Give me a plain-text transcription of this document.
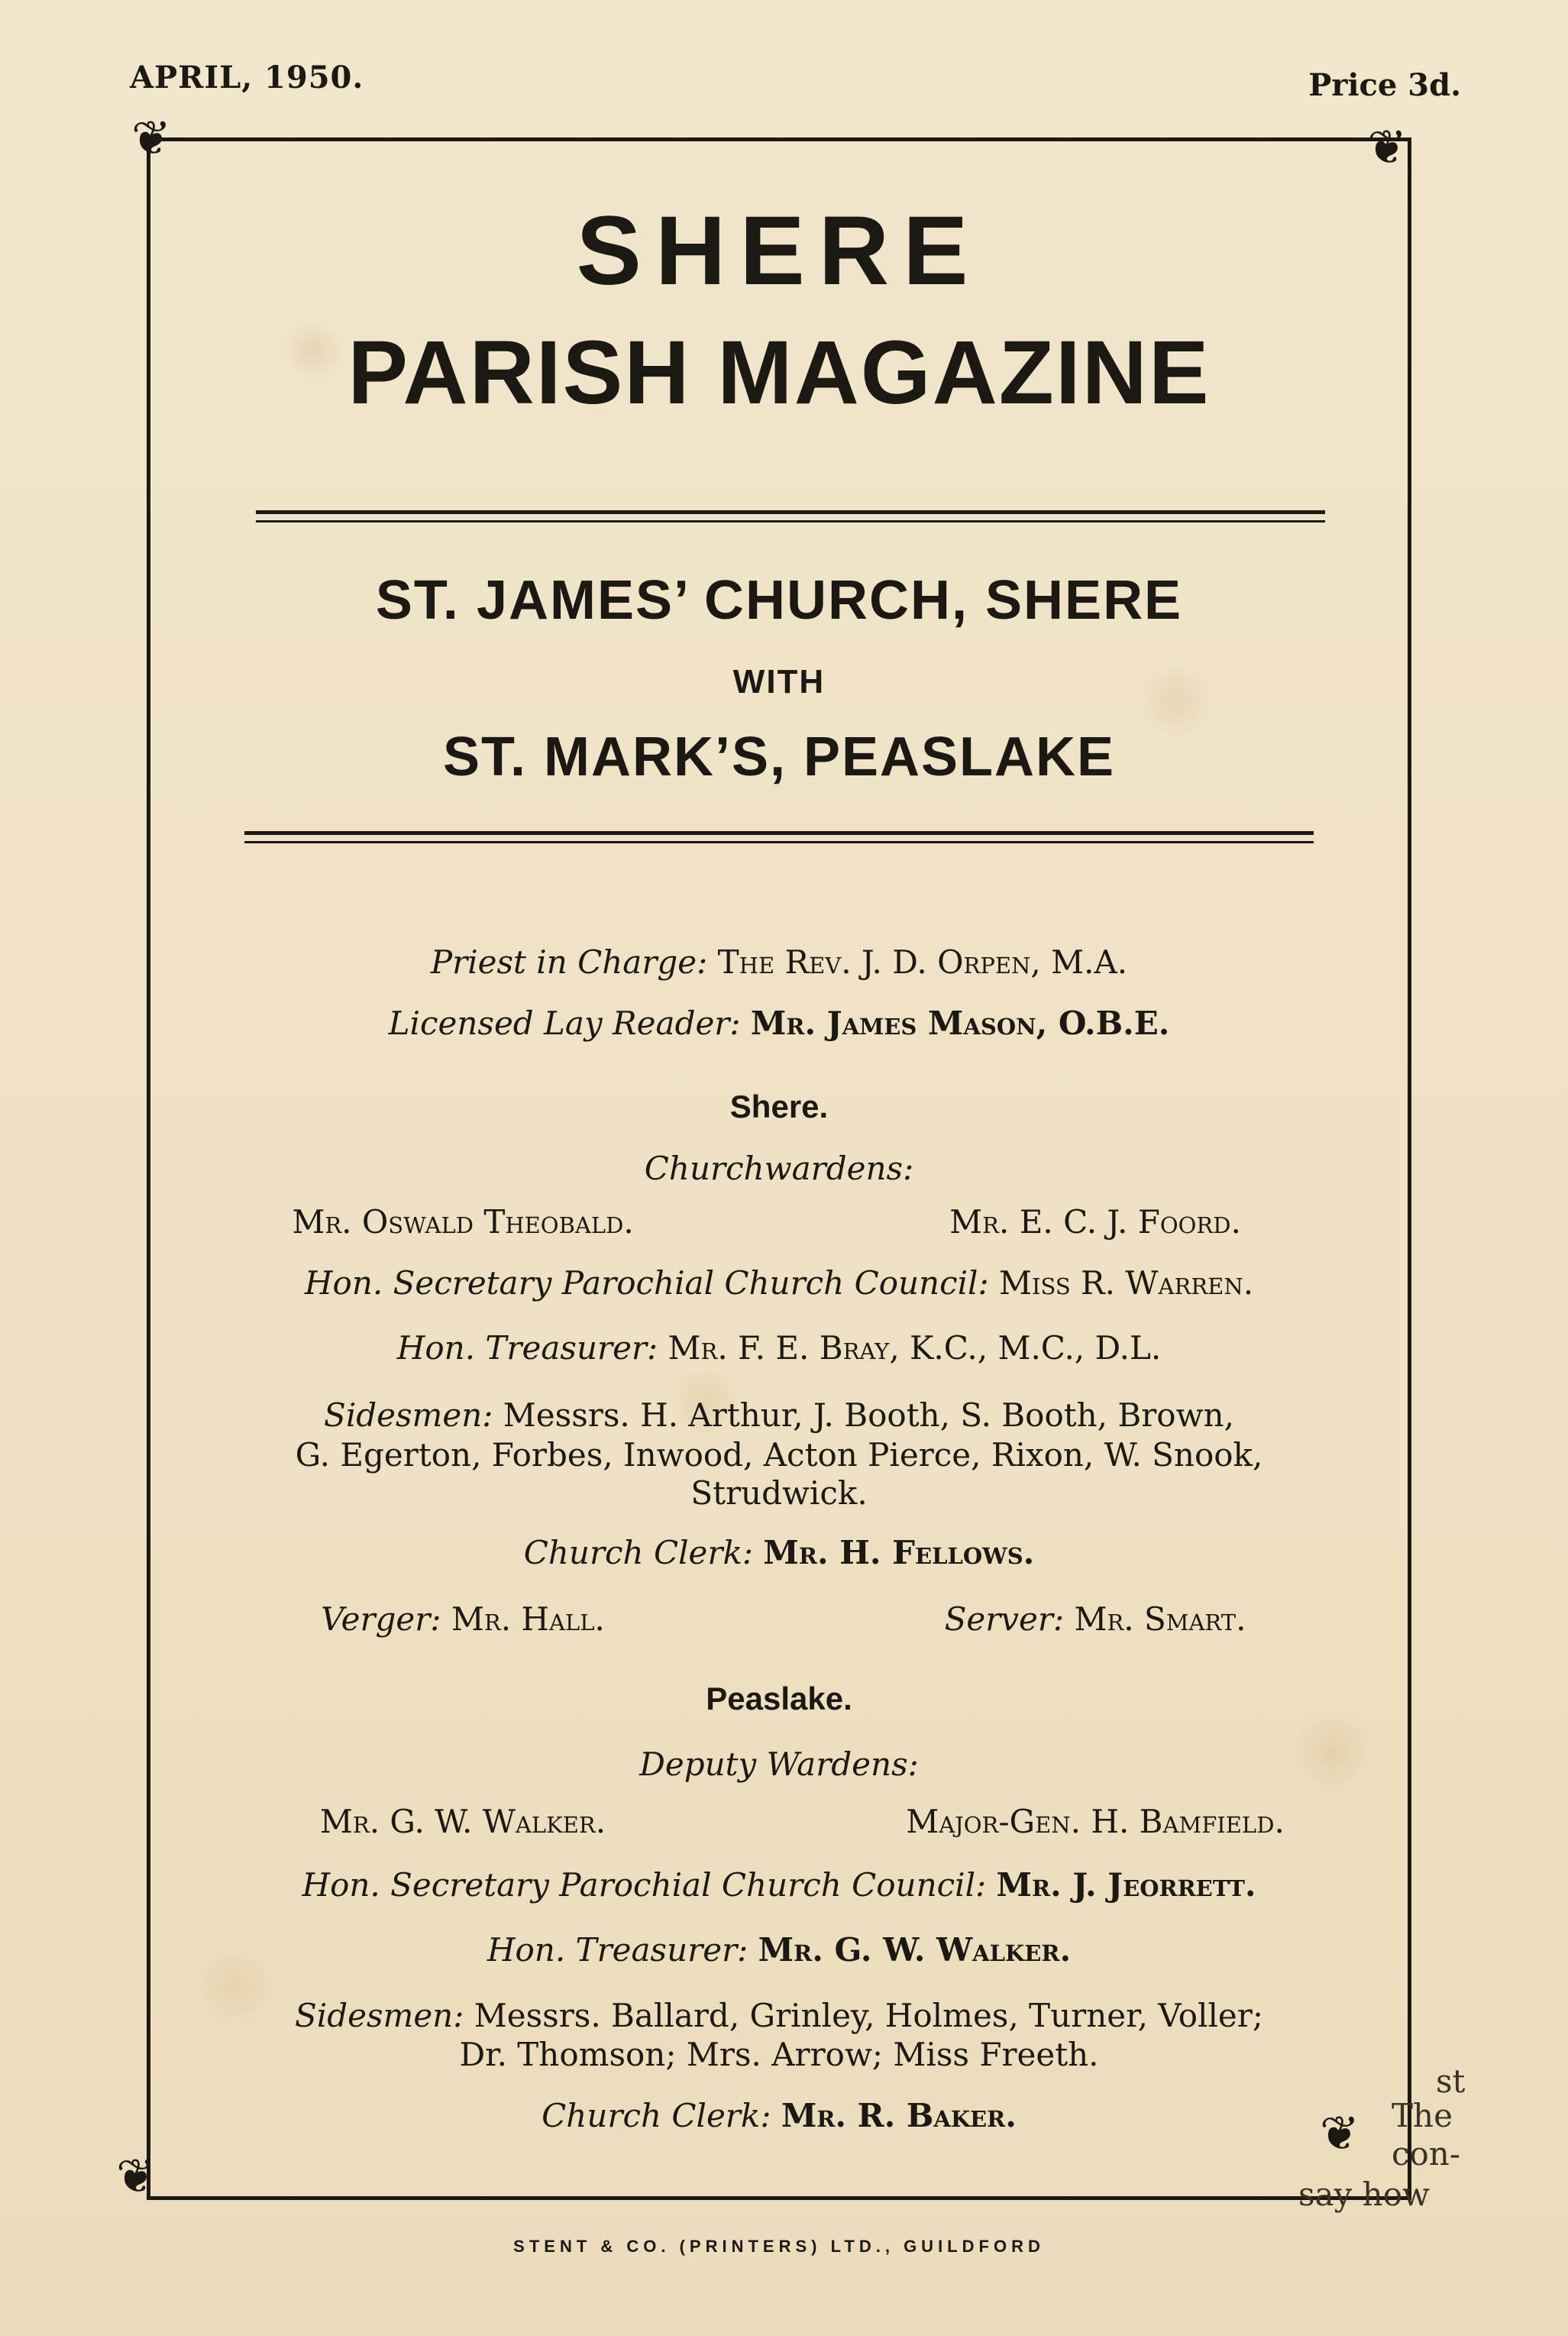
APRIL, 1950.	Price 3d.
❦	❦
❦
❦
SHERE
PARISH MAGAZINE
ST. JAMES’ CHURCH, SHERE
WITH
ST. MARK’S, PEASLAKE
Priest in Charge: The Rev. J. D. Orpen, M.A.
Licensed Lay Reader: Mr. James Mason, O.B.E.
Shere.
Churchwardens:
Mr. Oswald Theobald.	Mr. E. C. J. Foord.
Hon. Secretary Parochial Church Council: Miss R. Warren.
Hon. Treasurer: Mr. F. E. Bray, K.C., M.C., D.L.
Sidesmen: Messrs. H. Arthur, J. Booth, S. Booth, Brown,
G. Egerton, Forbes, Inwood, Acton Pierce, Rixon, W. Snook,
Strudwick.
Church Clerk: Mr. H. Fellows.
Verger: Mr. Hall.	Server: Mr. Smart.
Peaslake.
Deputy Wardens:
Mr. G. W. Walker.	Major-Gen. H. Bamfield.
Hon. Secretary Parochial Church Council: Mr. J. Jeorrett.
Hon. Treasurer: Mr. G. W. Walker.
Sidesmen: Messrs. Ballard, Grinley, Holmes, Turner, Voller;
Dr. Thomson; Mrs. Arrow; Miss Freeth.
Church Clerk: Mr. R. Baker.
st
The
con-
say how
STENT & CO. (PRINTERS) LTD., GUILDFORD
